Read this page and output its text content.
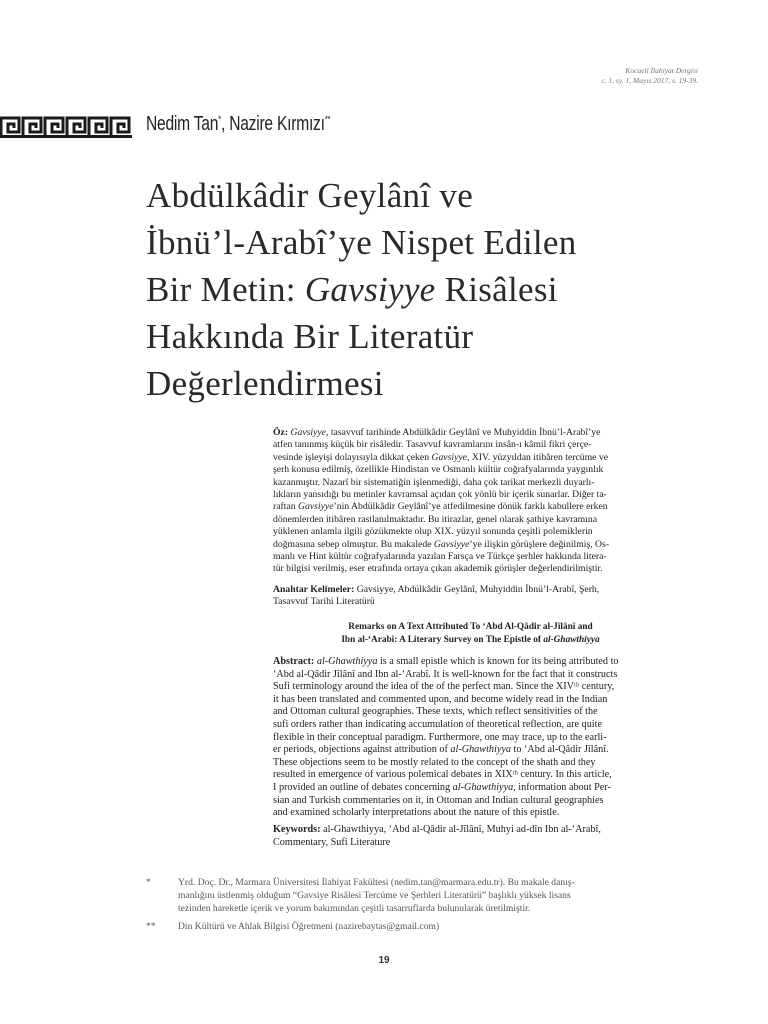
Kocaeli İlahiyat Dergisi
c. 1, sy. 1, Mayıs 2017, s. 19-39.
Nedim Tan*, Nazire Kırmızı**
Abdülkâdir Geylânî ve
İbnü’l-Arabî’ye Nispet Edilen
Bir Metin: Gavsiyye Risâlesi
Hakkında Bir Literatür
Değerlendirmesi
Öz: Gavsiyye, tasavvuf tarihinde Abdülkâdir Geylânî ve Muhyiddin İbnü’l-Arabî’ye
atfen tanınmış küçük bir risâledir. Tasavvuf kavramlarını insân-ı kâmil fikri çerçe-
vesinde işleyişi dolayısıyla dikkat çeken Gavsiyye, XIV. yüzyıldan itibâren tercüme ve
şerh konusu edilmiş, özellikle Hindistan ve Osmanlı kültür coğrafyalarında yaygınlık
kazanmıştır. Nazarî bir sistematiğin işlenmediği, daha çok tarikat merkezli duyarlı-
lıkların yansıdığı bu metinler kavramsal açıdan çok yönlü bir içerik sunarlar. Diğer ta-
raftan Gavsiyye’nin Abdülkâdir Geylânî’ye atfedilmesine dönük farklı kabullere erken
dönemlerden itibâren rastlanılmaktadır. Bu itirazlar, genel olarak şathiye kavramına
yüklenen anlamla ilgili gözükmekte olup XIX. yüzyıl sonunda çeşitli polemiklerin
doğmasına sebep olmuştur. Bu makalede Gavsiyye’ye ilişkin görüşlere değinilmiş, Os-
manlı ve Hint kültür coğrafyalarında yazılan Farsça ve Türkçe şerhler hakkında litera-
tür bilgisi verilmiş, eser etrafında ortaya çıkan akademik görüşler değerlendirilmiştir.
Anahtar Kelimeler: Gavsiyye, Abdülkâdir Geylânî, Muhyiddin İbnü’l-Arabî, Şerh,
Tasavvuf Tarihi Literatürü
Remarks on A Text Attributed To ‘Abd Al-Qâdir al-Jîlânî and
Ibn al-‘Arabî: A Literary Survey on The Epistle of al-Ghawthiyya
Abstract: al-Ghawthiyya is a small epistle which is known for its being attributed to
‘Abd al-Qâdir Jîlânî and Ibn al-‘Arabî. It is well-known for the fact that it constructs
Sufi terminology around the idea of the of the perfect man. Since the XIVᵗʰ century,
it has been translated and commented upon, and become widely read in the Indian
and Ottoman cultural geographies. These texts, which reflect sensitivities of the
sufi orders rather than indicating accumulation of theoretical reflection, are quite
flexible in their conceptual paradigm. Furthermore, one may trace, up to the earli-
er periods, objections against attribution of al-Ghawthiyya to ‘Abd al-Qâdir Jîlânî.
These objections seem to be mostly related to the concept of the shath and they
resulted in emergence of various polemical debates in XIXᵗʰ century. In this article,
I provided an outline of debates concerning al-Ghawthiyya, information about Per-
sian and Turkish commentaries on it, in Ottoman and Indian cultural geographies
and examined scholarly interpretations about the nature of this epistle.
Keywords: al-Ghawthiyya, ‘Abd al-Qâdir al-Jîlânî, Muhyi ad-dîn Ibn al-‘Arabî,
Commentary, Sufi Literature
*	Yrd. Doç. Dr., Marmara Üniversitesi İlahiyat Fakültesi (nedim.tan@marmara.edu.tr). Bu makale danış-
manlığını üstlenmiş olduğum “Gavsiye Risâlesi Tercüme ve Şerhleri Literatürü” başlıklı yüksek lisans
tezinden hareketle içerik ve yorum bakımından çeşitli tasarruflarda bulunularak üretilmiştir.
** Din Kültürü ve Ahlak Bilgisi Öğretmeni (nazirebaytas@gmail.com)
19
